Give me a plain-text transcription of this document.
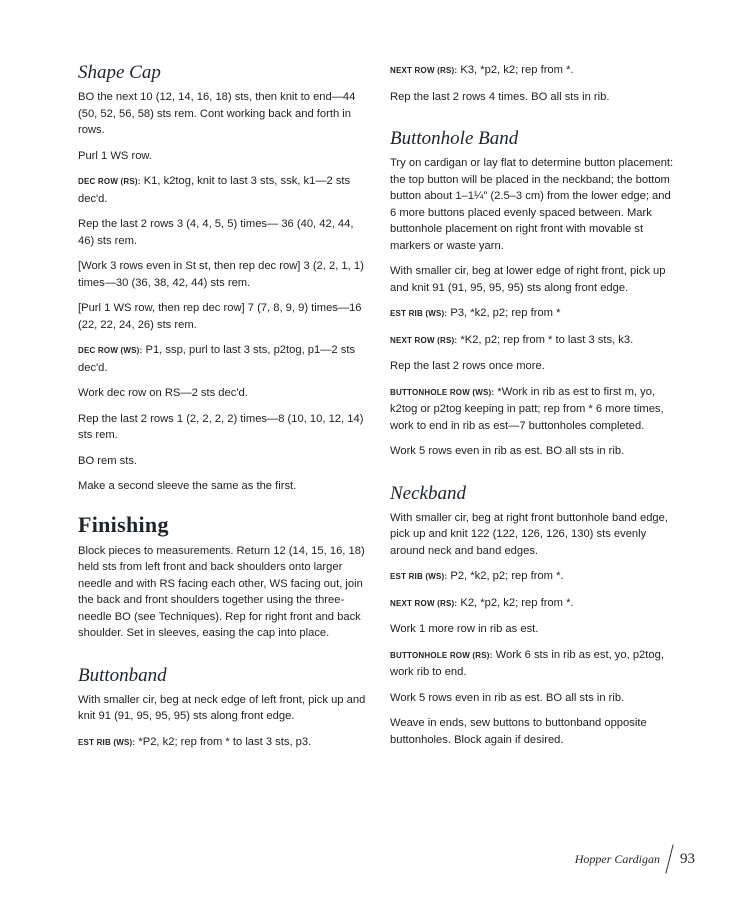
Shape Cap

BO the next 10 (12, 14, 16, 18) sts, then knit to end—44 (50, 52, 56, 58) sts rem. Cont working back and forth in rows.

Purl 1 WS row.

DEC ROW (RS): K1, k2tog, knit to last 3 sts, ssk, k1—2 sts dec'd.

Rep the last 2 rows 3 (4, 4, 5, 5) times— 36 (40, 42, 44, 46) sts rem.

[Work 3 rows even in St st, then rep dec row] 3 (2, 2, 1, 1) times—30 (36, 38, 42, 44) sts rem.

[Purl 1 WS row, then rep dec row] 7 (7, 8, 9, 9) times—16 (22, 22, 24, 26) sts rem.

DEC ROW (WS): P1, ssp, purl to last 3 sts, p2tog, p1—2 sts dec'd.

Work dec row on RS—2 sts dec'd.

Rep the last 2 rows 1 (2, 2, 2, 2) times—8 (10, 10, 12, 14) sts rem.

BO rem sts.

Make a second sleeve the same as the first.

Finishing

Block pieces to measurements. Return 12 (14, 15, 16, 18) held sts from left front and back shoulders onto larger needle and with RS facing each other, WS facing out, join the back and front shoulders together using the three-needle BO (see Techniques). Rep for right front and back shoulder. Set in sleeves, easing the cap into place.

Buttonband

With smaller cir, beg at neck edge of left front, pick up and knit 91 (91, 95, 95, 95) sts along front edge.

EST RIB (WS): *P2, k2; rep from * to last 3 sts, p3.

NEXT ROW (RS): K3, *p2, k2; rep from *.

Rep the last 2 rows 4 times. BO all sts in rib.

Buttonhole Band

Try on cardigan or lay flat to determine button placement: the top button will be placed in the neckband; the bottom button about 1–1¼" (2.5–3 cm) from the lower edge; and 6 more buttons placed evenly spaced between. Mark buttonhole placement on right front with movable st markers or waste yarn.

With smaller cir, beg at lower edge of right front, pick up and knit 91 (91, 95, 95, 95) sts along front edge.

EST RIB (WS): P3, *k2, p2; rep from *

NEXT ROW (RS): *K2, p2; rep from * to last 3 sts, k3.

Rep the last 2 rows once more.

BUTTONHOLE ROW (WS): *Work in rib as est to first m, yo, k2tog or p2tog keeping in patt; rep from * 6 more times, work to end in rib as est—7 buttonholes completed.

Work 5 rows even in rib as est. BO all sts in rib.

Neckband

With smaller cir, beg at right front buttonhole band edge, pick up and knit 122 (122, 126, 126, 130) sts evenly around neck and band edges.

EST RIB (WS): P2, *k2, p2; rep from *.

NEXT ROW (RS): K2, *p2, k2; rep from *.

Work 1 more row in rib as est.

BUTTONHOLE ROW (RS): Work 6 sts in rib as est, yo, p2tog, work rib to end.

Work 5 rows even in rib as est. BO all sts in rib.

Weave in ends, sew buttons to buttonband opposite buttonholes. Block again if desired.

Hopper Cardigan 93
